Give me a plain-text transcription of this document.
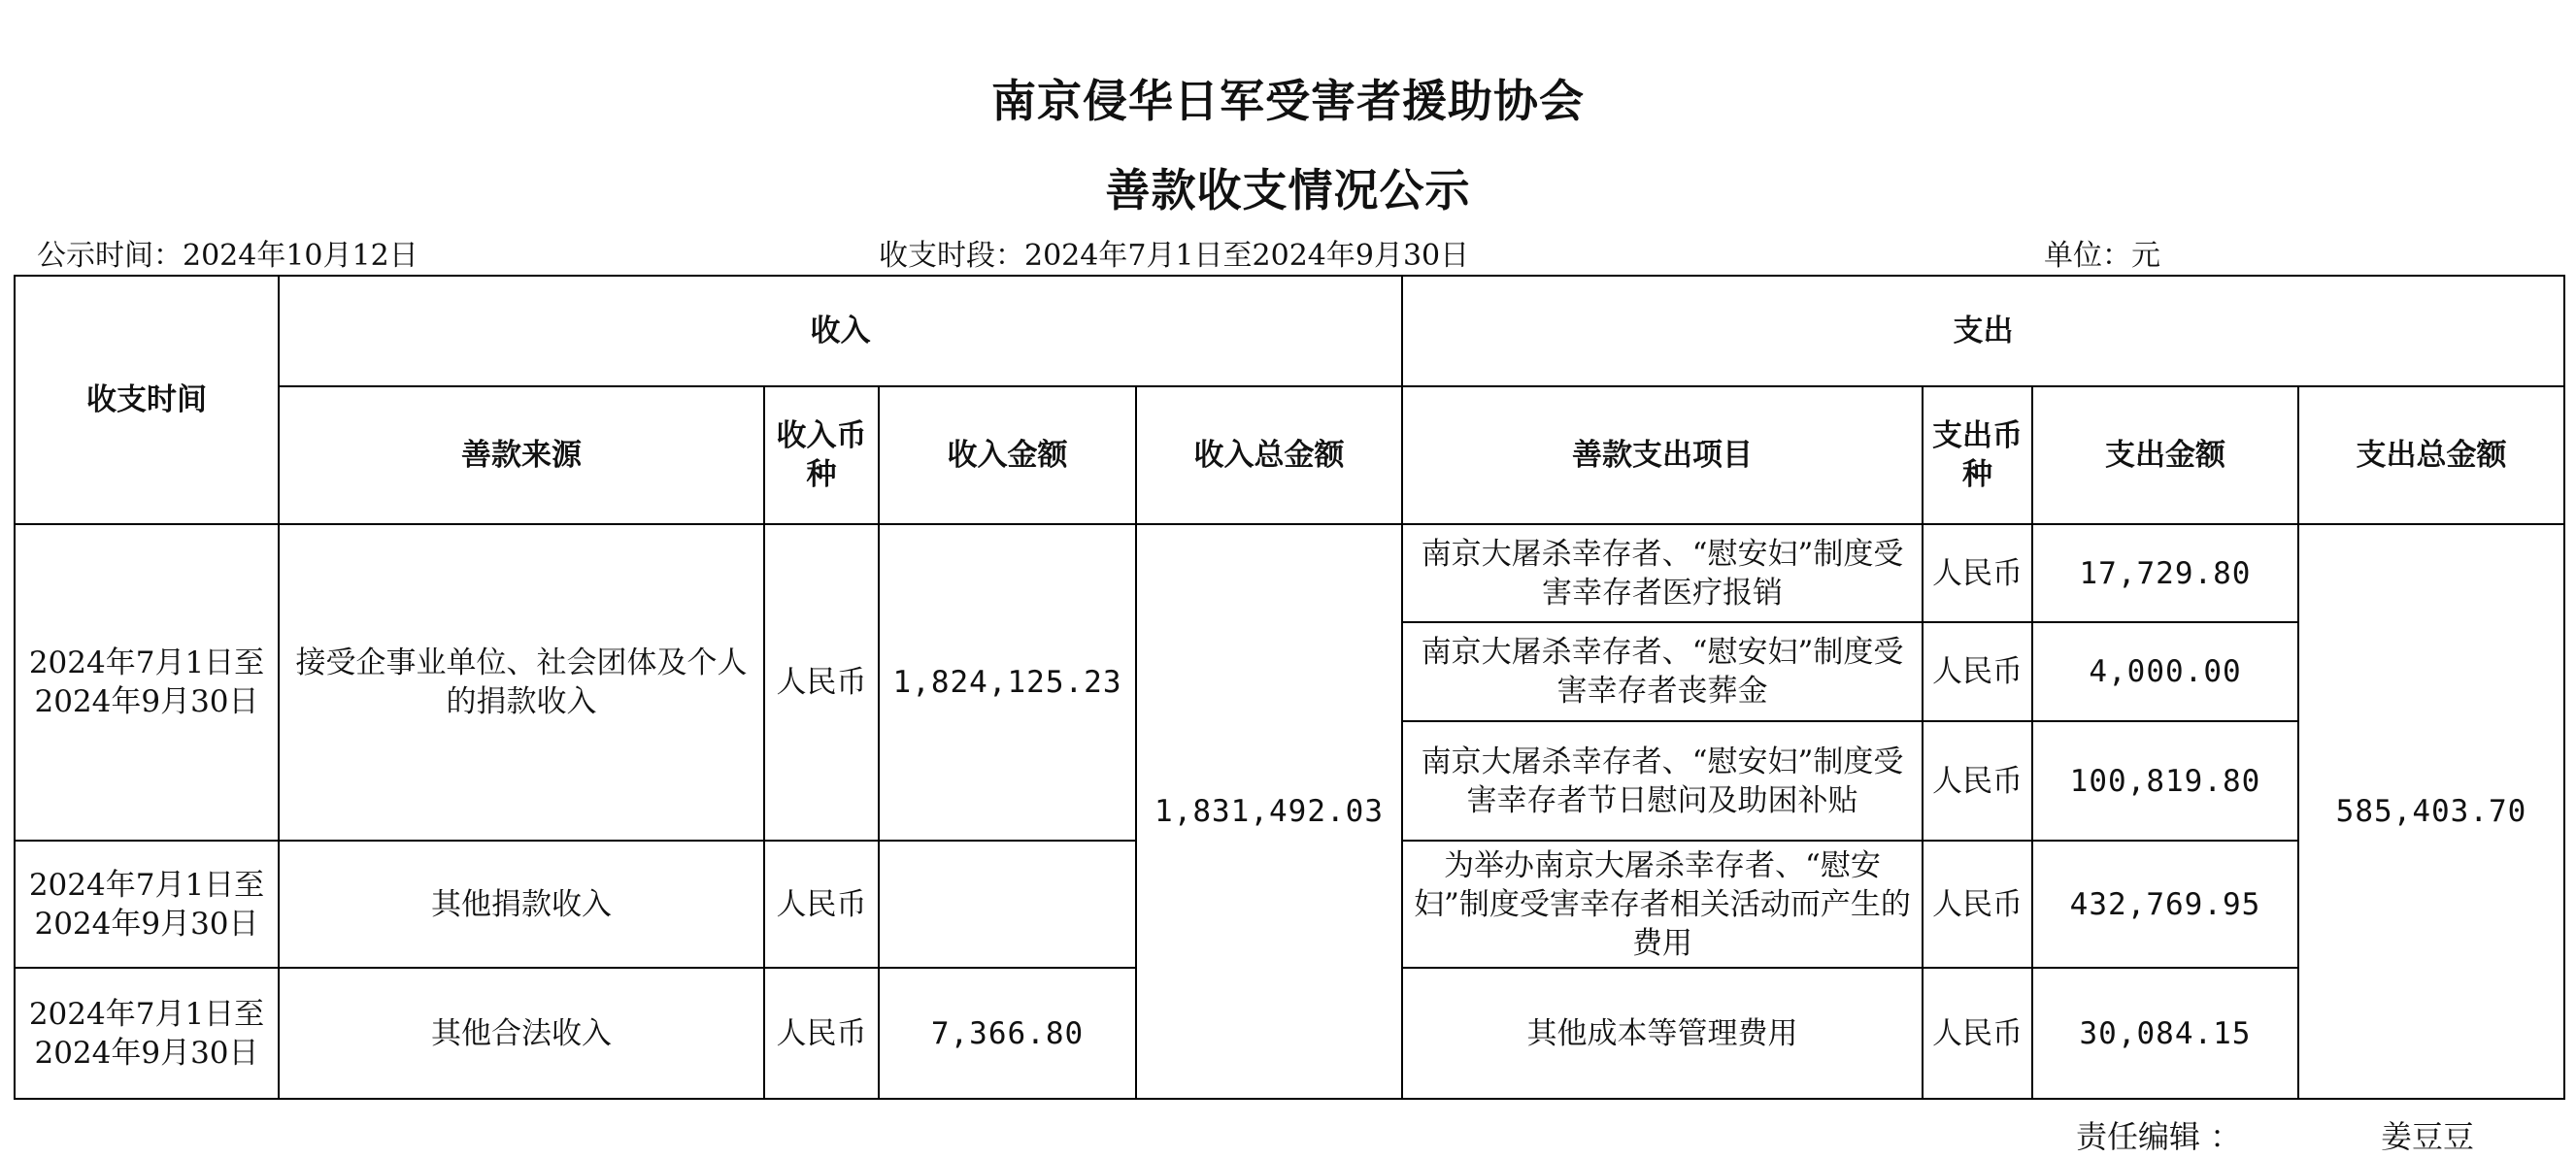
南京侵华日军受害者援助协会
善款收支情况公示
公示时间：2024年10月12日	收支时段：2024年7月1日至2024年9月30日	单位：元
收支时间	收入				支出			
	善款来源	收入币种	收入金额	收入总金额	善款支出项目	支出币种	支出金额	支出总金额
2024年7月1日至2024年9月30日	接受企事业单位、社会团体及个人的捐款收入	人民币	1,824,125.23	1,831,492.03	南京大屠杀幸存者、“慰安妇”制度受害幸存者医疗报销	人民币	17,729.80	585,403.70
					南京大屠杀幸存者、“慰安妇”制度受害幸存者丧葬金	人民币	4,000.00	
					南京大屠杀幸存者、“慰安妇”制度受害幸存者节日慰问及助困补贴	人民币	100,819.80	
2024年7月1日至2024年9月30日	其他捐款收入	人民币			为举办南京大屠杀幸存者、“慰安妇”制度受害幸存者相关活动而产生的费用	人民币	432,769.95	
2024年7月1日至2024年9月30日	其他合法收入	人民币	7,366.80		其他成本等管理费用	人民币	30,084.15	
责任编辑 ：	姜豆豆
